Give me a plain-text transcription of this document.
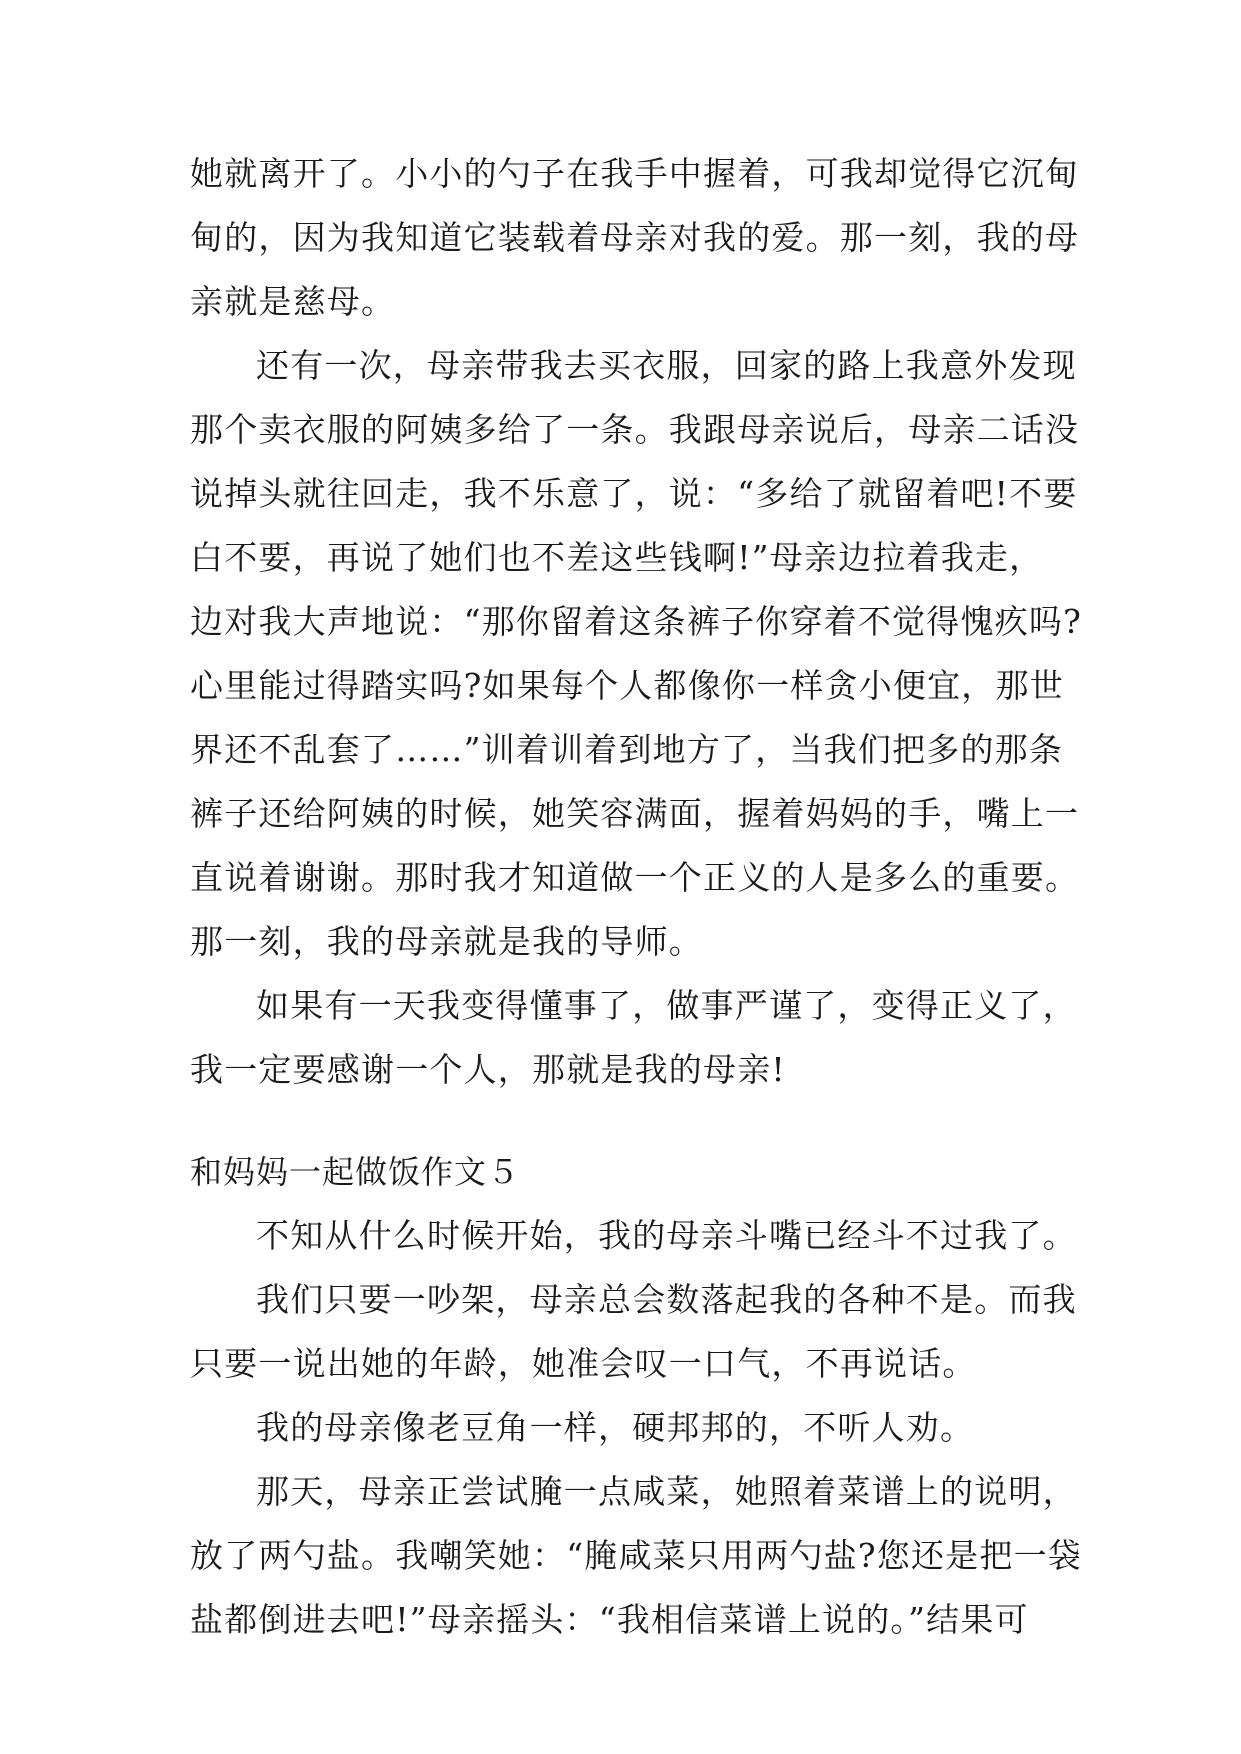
她就离开了。小小的勺子在我手中握着，可我却觉得它沉甸
甸的，因为我知道它装载着母亲对我的爱。那一刻，我的母
亲就是慈母。
还有一次，母亲带我去买衣服，回家的路上我意外发现
那个卖衣服的阿姨多给了一条。我跟母亲说后，母亲二话没
说掉头就往回走，我不乐意了，说：“多给了就留着吧!不要
白不要，再说了她们也不差这些钱啊!”母亲边拉着我走，
边对我大声地说：“那你留着这条裤子你穿着不觉得愧疚吗?
心里能过得踏实吗?如果每个人都像你一样贪小便宜，那世
界还不乱套了……”训着训着到地方了，当我们把多的那条
裤子还给阿姨的时候，她笑容满面，握着妈妈的手，嘴上一
直说着谢谢。那时我才知道做一个正义的人是多么的重要。
那一刻，我的母亲就是我的导师。
如果有一天我变得懂事了，做事严谨了，变得正义了，
我一定要感谢一个人，那就是我的母亲!
和妈妈一起做饭作文５
不知从什么时候开始，我的母亲斗嘴已经斗不过我了。
我们只要一吵架，母亲总会数落起我的各种不是。而我
只要一说出她的年龄，她准会叹一口气，不再说话。
我的母亲像老豆角一样，硬邦邦的，不听人劝。
那天，母亲正尝试腌一点咸菜，她照着菜谱上的说明，
放了两勺盐。我嘲笑她：“腌咸菜只用两勺盐?您还是把一袋
盐都倒进去吧!”母亲摇头：“我相信菜谱上说的。”结果可
